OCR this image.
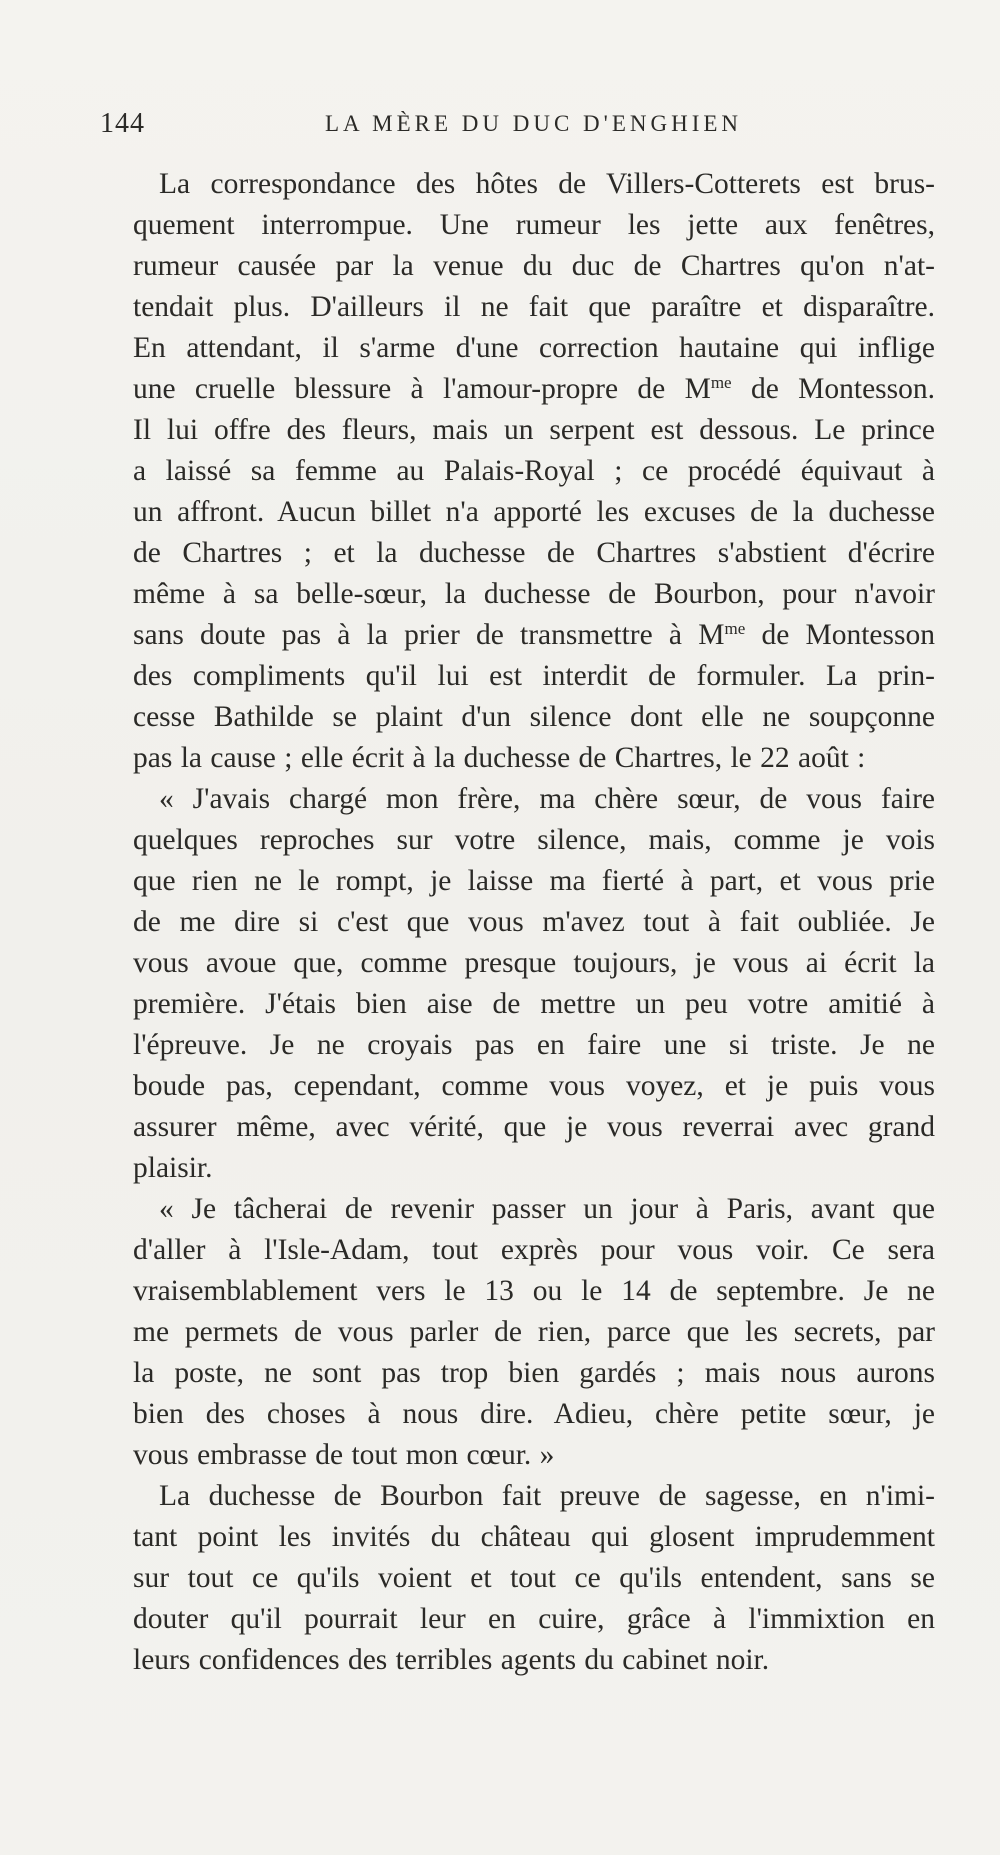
144	LA MÈRE DU DUC D'ENGHIEN

La correspondance des hôtes de Villers-Cotterets est brus-
quement interrompue. Une rumeur les jette aux fenêtres,
rumeur causée par la venue du duc de Chartres qu'on n'at-
tendait plus. D'ailleurs il ne fait que paraître et disparaître.
En attendant, il s'arme d'une correction hautaine qui inflige
une cruelle blessure à l'amour-propre de $M^{me}$ de Montesson.
Il lui offre des fleurs, mais un serpent est dessous. Le prince
a laissé sa femme au Palais-Royal ; ce procédé équivaut à
un affront. Aucun billet n'a apporté les excuses de la duchesse
de Chartres ; et la duchesse de Chartres s'abstient d'écrire
même à sa belle-sœur, la duchesse de Bourbon, pour n'avoir
sans doute pas à la prier de transmettre à $M^{me}$ de Montesson
des compliments qu'il lui est interdit de formuler. La prin-
cesse Bathilde se plaint d'un silence dont elle ne soupçonne
pas la cause ; elle écrit à la duchesse de Chartres, le 22 août :

« J'avais chargé mon frère, ma chère sœur, de vous faire
quelques reproches sur votre silence, mais, comme je vois
que rien ne le rompt, je laisse ma fierté à part, et vous prie
de me dire si c'est que vous m'avez tout à fait oubliée. Je
vous avoue que, comme presque toujours, je vous ai écrit la
première. J'étais bien aise de mettre un peu votre amitié à
l'épreuve. Je ne croyais pas en faire une si triste. Je ne
boude pas, cependant, comme vous voyez, et je puis vous
assurer même, avec vérité, que je vous reverrai avec grand
plaisir.

« Je tâcherai de revenir passer un jour à Paris, avant que
d'aller à l'Isle-Adam, tout exprès pour vous voir. Ce sera
vraisemblablement vers le 13 ou le 14 de septembre. Je ne
me permets de vous parler de rien, parce que les secrets, par
la poste, ne sont pas trop bien gardés ; mais nous aurons
bien des choses à nous dire. Adieu, chère petite sœur, je
vous embrasse de tout mon cœur. »

La duchesse de Bourbon fait preuve de sagesse, en n'imi-
tant point les invités du château qui glosent imprudemment
sur tout ce qu'ils voient et tout ce qu'ils entendent, sans se
douter qu'il pourrait leur en cuire, grâce à l'immixtion en
leurs confidences des terribles agents du cabinet noir.
